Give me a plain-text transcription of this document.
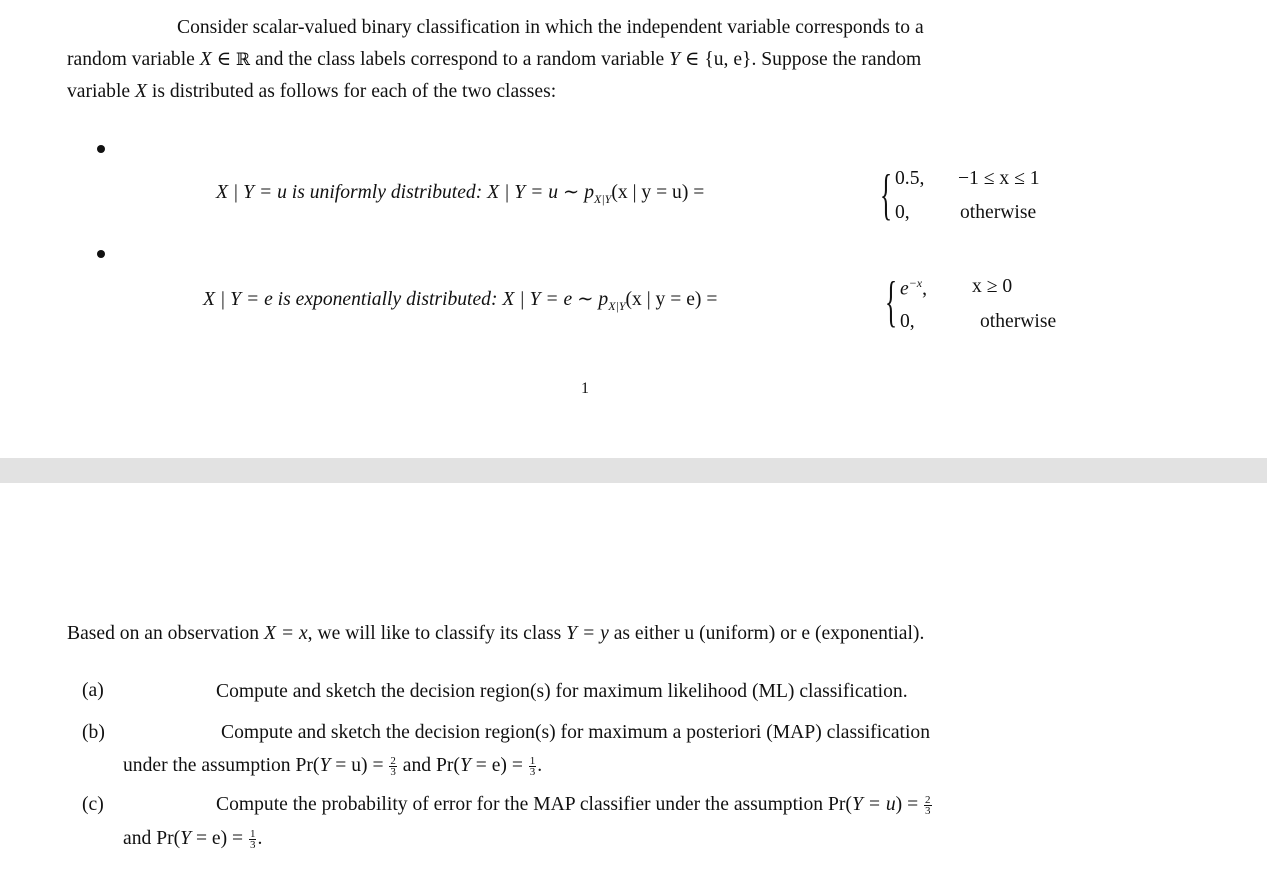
Consider scalar-valued binary classification in which the independent variable corresponds to a
random variable X ∈ ℝ and the class labels correspond to a random variable Y ∈ {u, e}. Suppose the random
variable X is distributed as follows for each of the two classes:
X | Y = u is uniformly distributed: X | Y = u ∼ $p_{X|Y}(x$ | y = u) =	{ 0.5, −1 ≤ x ≤ 1
0,	otherwise
X | Y = e is exponentially distributed: X | Y = e ∼ $p_{X|Y}(x$ | y = e) =	{ $e^{-x}$, x ≥ 0
0,	otherwise
1
Based on an observation X = x, we will like to classify its class Y = y as either u (uniform) or e (exponential).
(a)	Compute and sketch the decision region(s) for maximum likelihood (ML) classification.
(b)	Compute and sketch the decision region(s) for maximum a posteriori (MAP) classification
under the assumption $Pr(Y = u) = \frac{2}{3}$ and $Pr(Y = e) = \frac{1}{3}$ .
(c)	Compute the probability of error for the MAP classifier under the assumption $Pr(Y = u) = \frac{2}{3}$
and $Pr(Y = e) = \frac{1}{3}$ .
